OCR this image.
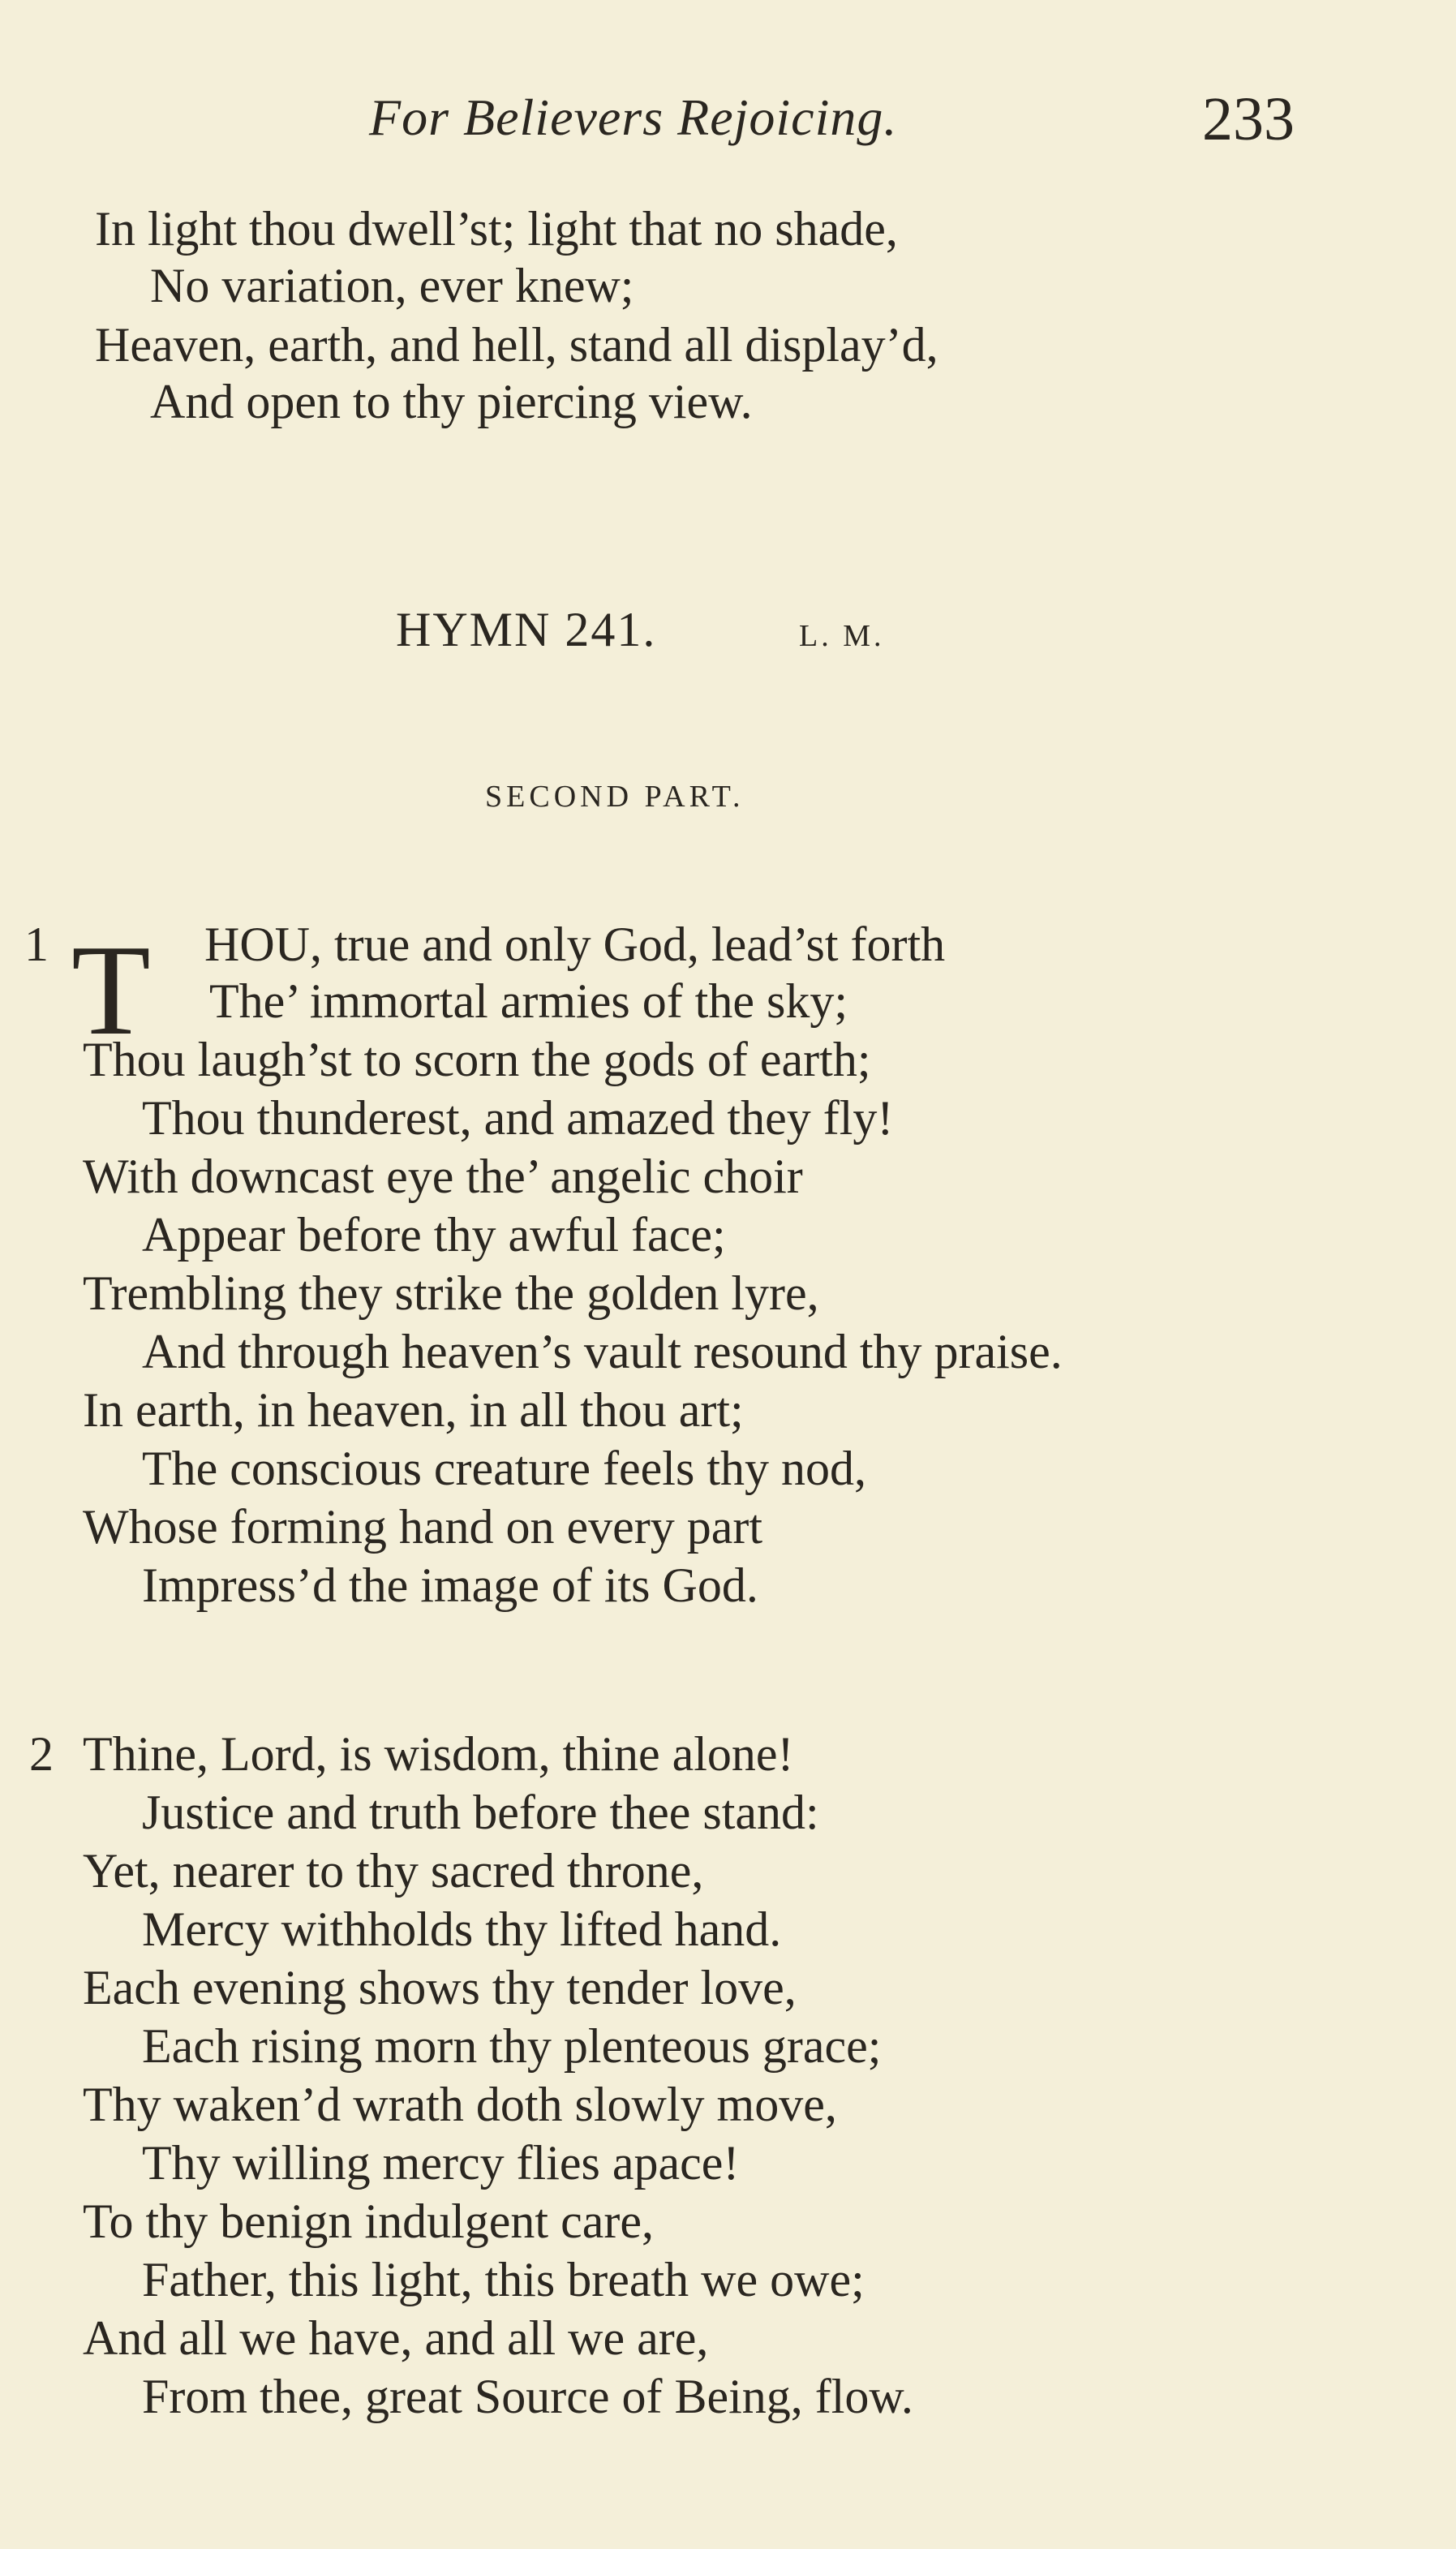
For Believers Rejoicing.	233
In light thou dwell’st; light that no shade,
No variation, ever knew;
Heaven, earth, and hell, stand all display’d,
And open to thy piercing view.
HYMN 241.	L. M.
SECOND PART.
1 T HOU, true and only God, lead’st forth
The’ immortal armies of the sky;
Thou laugh’st to scorn the gods of earth;
Thou thunderest, and amazed they fly!
With downcast eye the’ angelic choir
Appear before thy awful face;
Trembling they strike the golden lyre,
And through heaven’s vault resound thy praise.
In earth, in heaven, in all thou art;
The conscious creature feels thy nod,
Whose forming hand on every part
Impress’d the image of its God.
2 Thine, Lord, is wisdom, thine alone!
Justice and truth before thee stand:
Yet, nearer to thy sacred throne,
Mercy withholds thy lifted hand.
Each evening shows thy tender love,
Each rising morn thy plenteous grace;
Thy waken’d wrath doth slowly move,
Thy willing mercy flies apace!
To thy benign indulgent care,
Father, this light, this breath we owe;
And all we have, and all we are,
From thee, great Source of Being, flow.
